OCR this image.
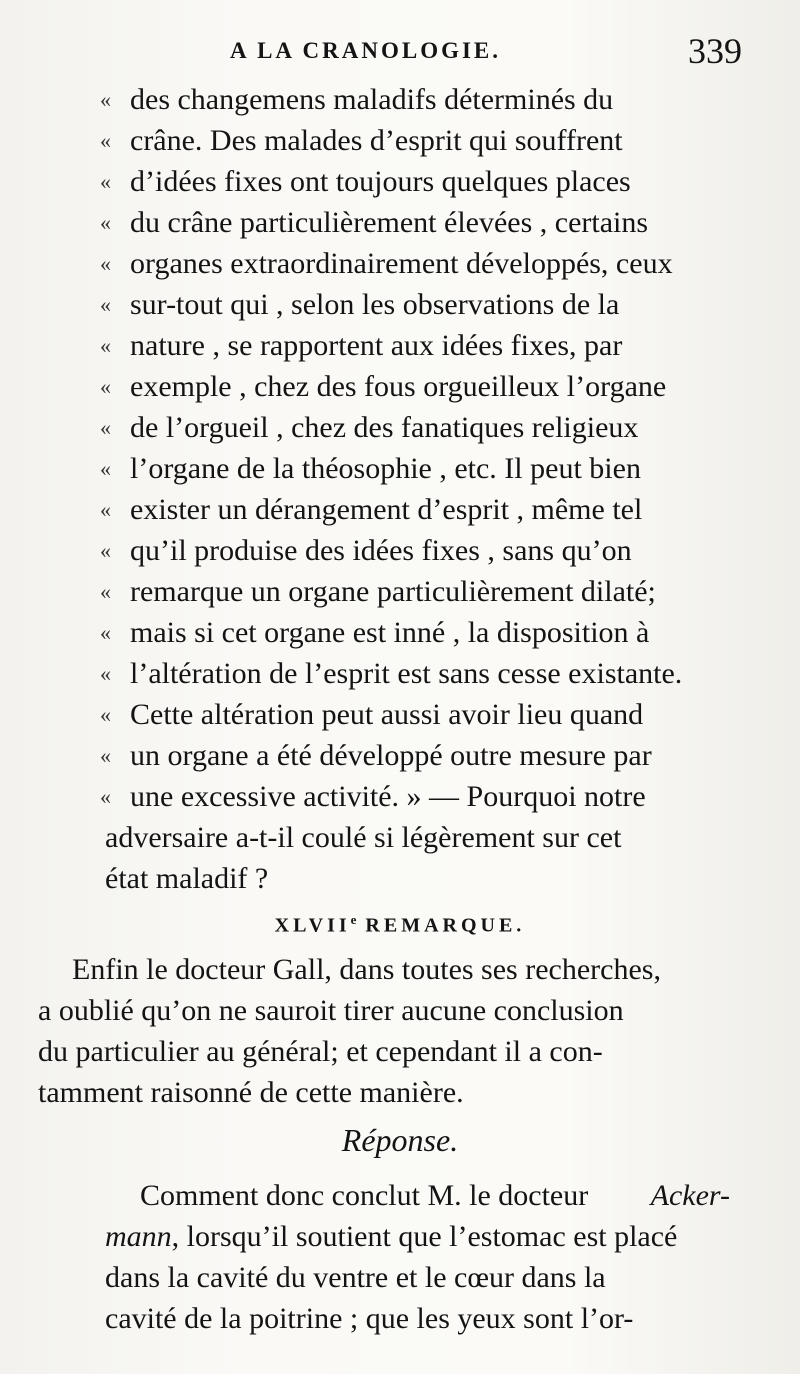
A LA CRANOLOGIE.	339
« des changemens maladifs déterminés du
« crâne. Des malades d’esprit qui souffrent
« d’idées fixes ont toujours quelques places
« du crâne particulièrement élevées , certains
« organes extraordinairement développés, ceux
« sur-tout qui , selon les observations de la
« nature , se rapportent aux idées fixes, par
« exemple , chez des fous orgueilleux l’organe
« de l’orgueil , chez des fanatiques religieux
« l’organe de la théosophie , etc. Il peut bien
« exister un dérangement d’esprit , même tel
« qu’il produise des idées fixes , sans qu’on
« remarque un organe particulièrement dilaté;
« mais si cet organe est inné , la disposition à
« l’altération de l’esprit est sans cesse existante.
« Cette altération peut aussi avoir lieu quand
« un organe a été développé outre mesure par
« une excessive activité. » — Pourquoi notre
adversaire a-t-il coulé si légèrement sur cet
état maladif ?
XLVIIe REMARQUE.
Enfin le docteur Gall, dans toutes ses recherches,
a oublié qu’on ne sauroit tirer aucune conclusion
du particulier au général; et cependant il a con-
tamment raisonné de cette manière.
Réponse.
Comment donc conclut M. le docteur Acker-
mann , lorsqu’il soutient que l’estomac est placé
dans la cavité du ventre et le cœur dans la
cavité de la poitrine ; que les yeux sont l’or-
